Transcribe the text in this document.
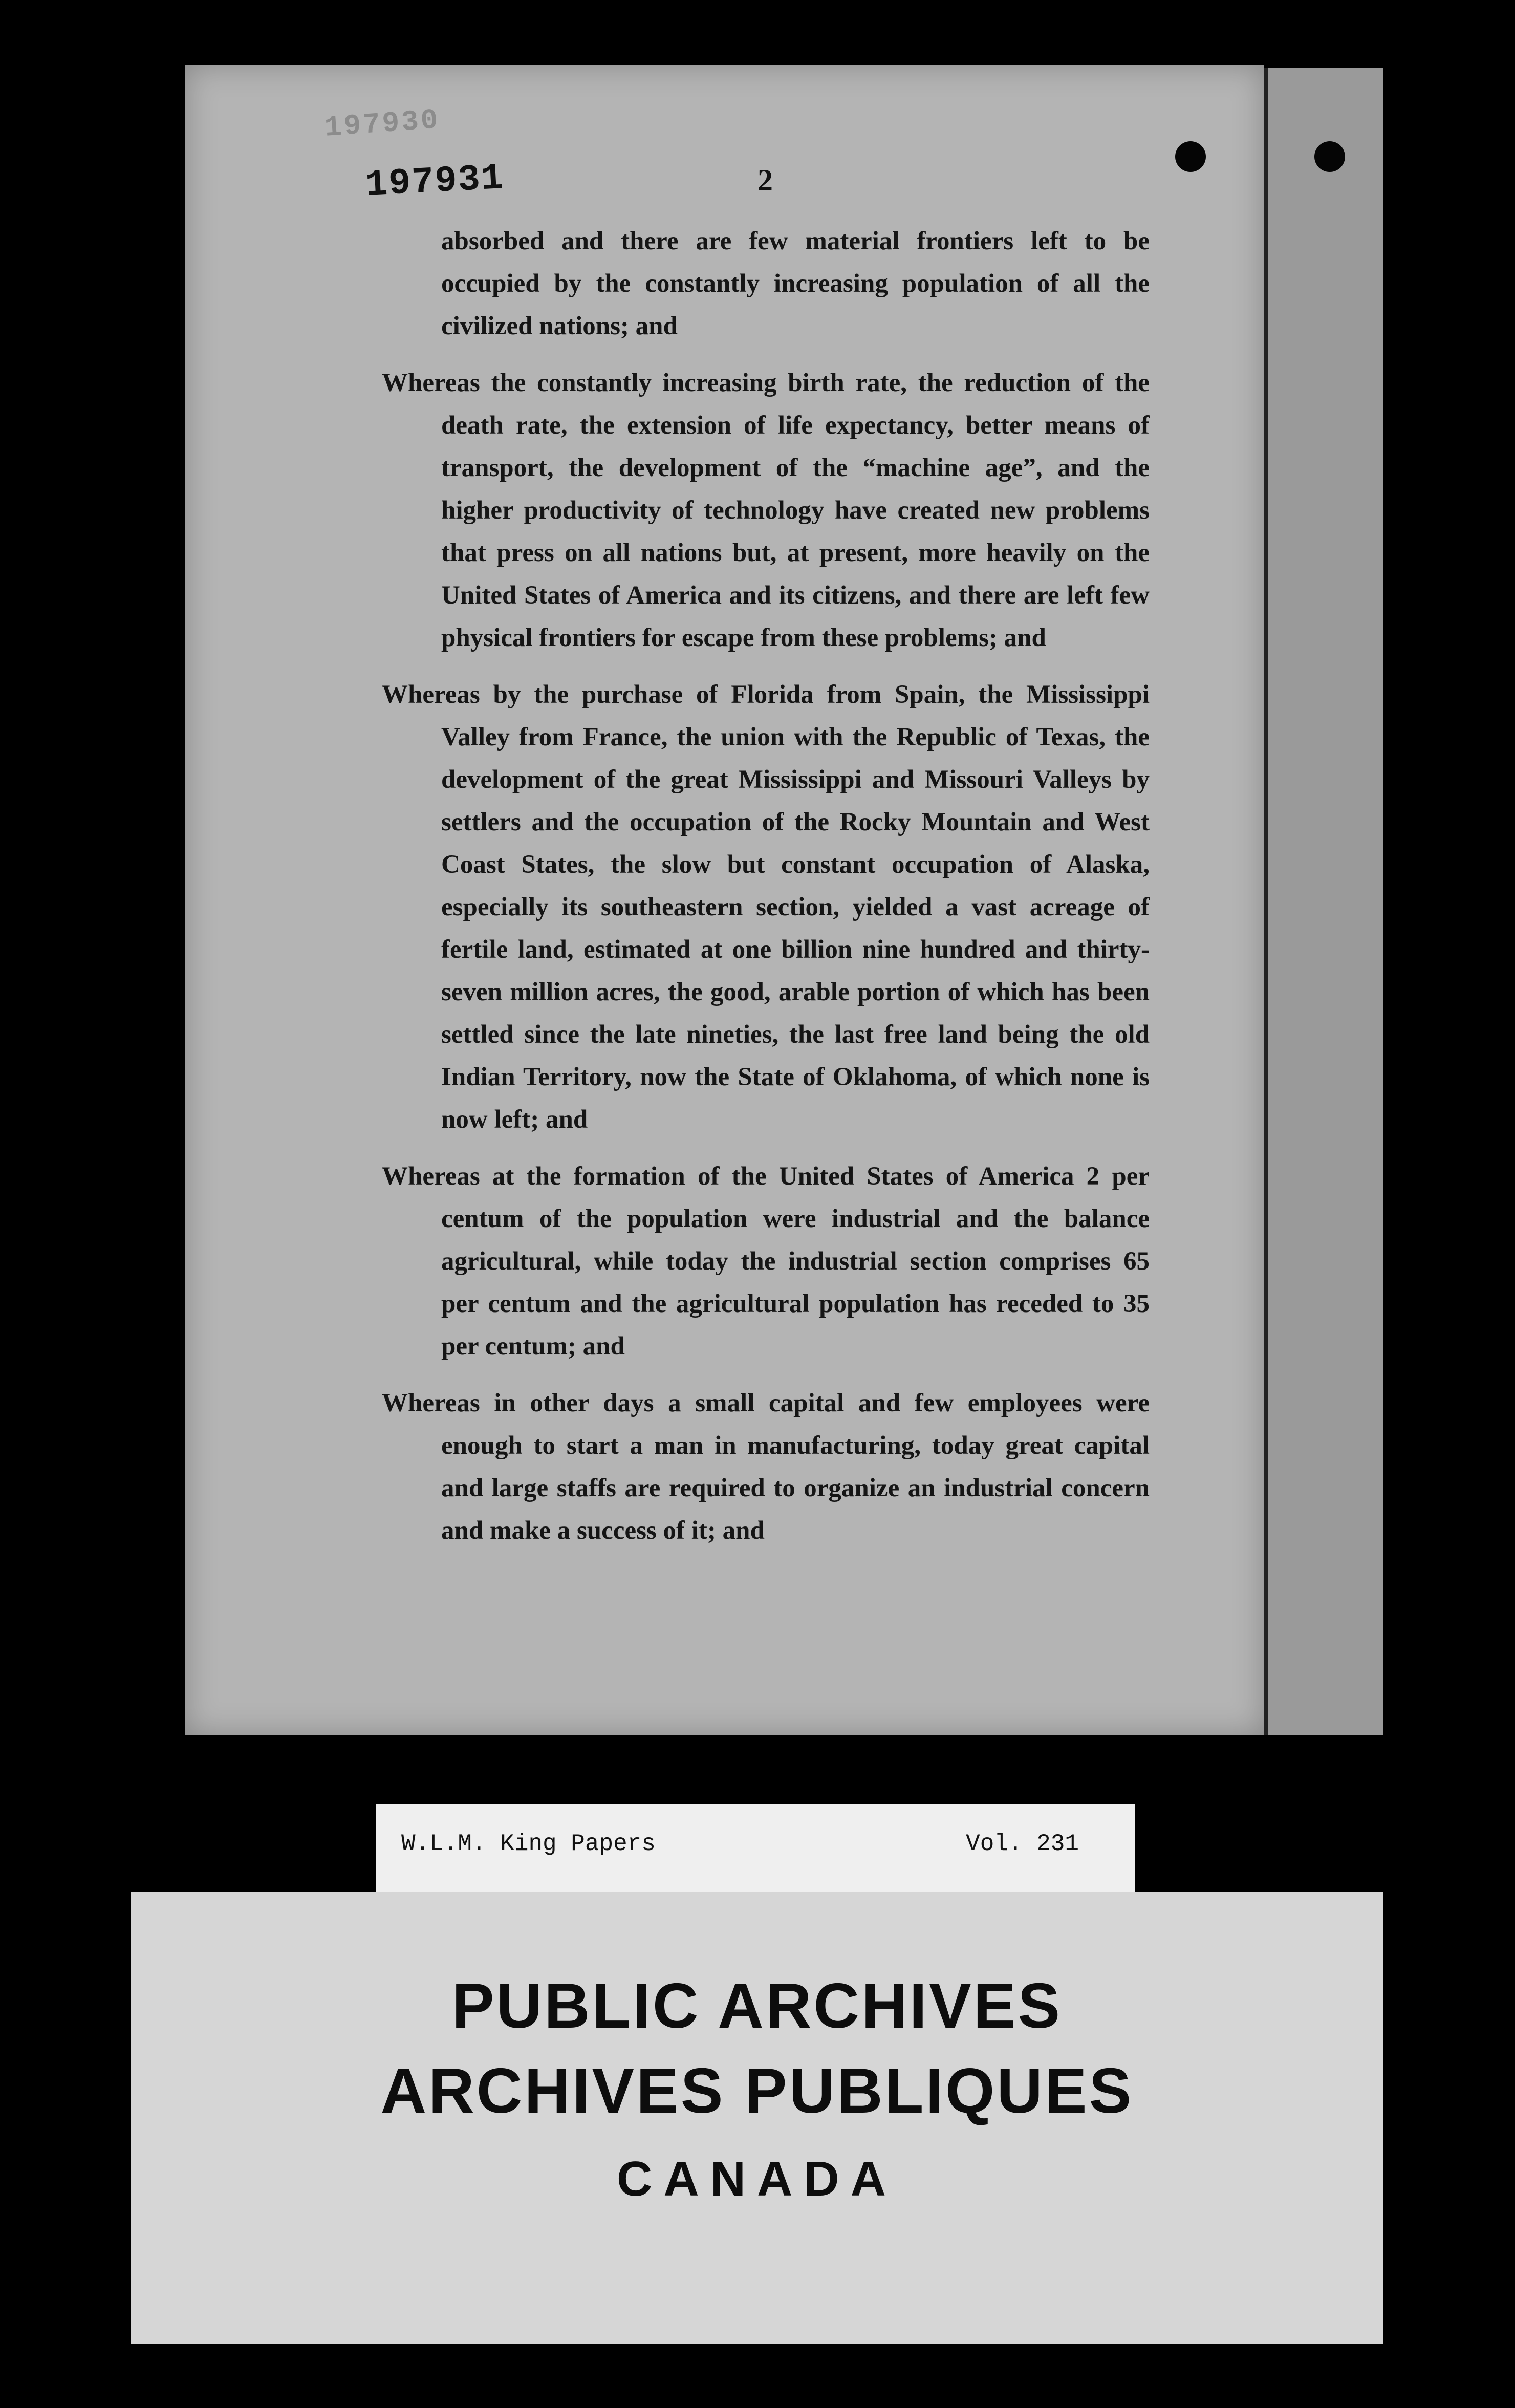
197930
197931	2

absorbed and there are few material frontiers left to be occupied by the constantly increasing population of all the civilized nations; and

Whereas the constantly increasing birth rate, the reduction of the death rate, the extension of life expectancy, better means of transport, the development of the “machine age”, and the higher productivity of technology have created new problems that press on all nations but, at present, more heavily on the United States of America and its citizens, and there are left few physical frontiers for escape from these problems; and

Whereas by the purchase of Florida from Spain, the Mississippi Valley from France, the union with the Republic of Texas, the development of the great Mississippi and Missouri Valleys by settlers and the occupation of the Rocky Mountain and West Coast States, the slow but constant occupation of Alaska, especially its southeastern section, yielded a vast acreage of fertile land, estimated at one billion nine hundred and thirty-seven million acres, the good, arable portion of which has been settled since the late nineties, the last free land being the old Indian Territory, now the State of Oklahoma, of which none is now left; and

Whereas at the formation of the United States of America 2 per centum of the population were industrial and the balance agricultural, while today the industrial section comprises 65 per centum and the agricultural population has receded to 35 per centum; and

Whereas in other days a small capital and few employees were enough to start a man in manufacturing, today great capital and large staffs are required to organize an industrial concern and make a success of it; and

W.L.M. King Papers	Vol. 231
PUBLIC ARCHIVES
ARCHIVES PUBLIQUES
CANADA
